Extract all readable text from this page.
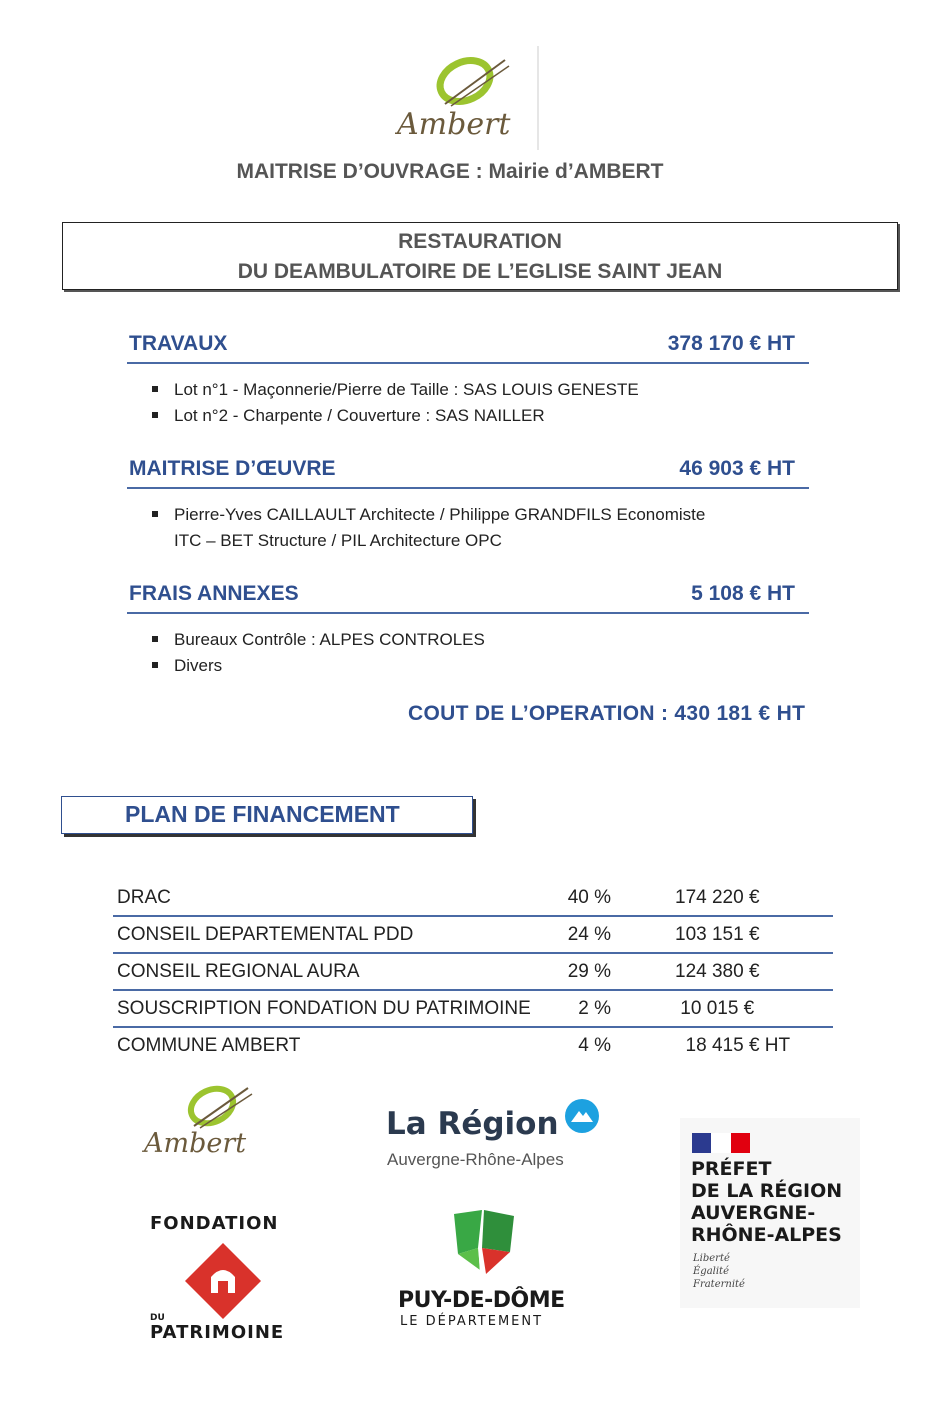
Ambert
MAITRISE D’OUVRAGE : Mairie d’AMBERT
RESTAURATION
DU DEAMBULATOIRE DE L’EGLISE SAINT JEAN
TRAVAUX	378 170 € HT
Lot n°1 - Maçonnerie/Pierre de Taille : SAS LOUIS GENESTE
Lot n°2 - Charpente / Couverture : SAS NAILLER
MAITRISE D’ŒUVRE	46 903 € HT
Pierre-Yves CAILLAULT Architecte / Philippe GRANDFILS Economiste
ITC – BET Structure / PIL Architecture OPC
FRAIS ANNEXES	5 108 € HT
Bureaux Contrôle : ALPES CONTROLES
Divers
COUT DE L’OPERATION : 430 181 € HT
PLAN DE FINANCEMENT
DRAC	40 %	174 220 €
CONSEIL DEPARTEMENTAL PDD	24 %	103 151 €
CONSEIL REGIONAL AURA	29 %	124 380 €
SOUSCRIPTION FONDATION DU PATRIMOINE 2 %	10 015 €
COMMUNE AMBERT	4 %	18 415 € HT
Ambert
La Région
Auvergne-Rhône-Alpes	PRÉFET
DE LA RÉGION
AUVERGNE-
RHÔNE-ALPES
Liberté
Égalité
Fraternité
FONDATION
DU
PATRIMOINE
PUY-DE-DÔME
LE DÉPARTEMENT
